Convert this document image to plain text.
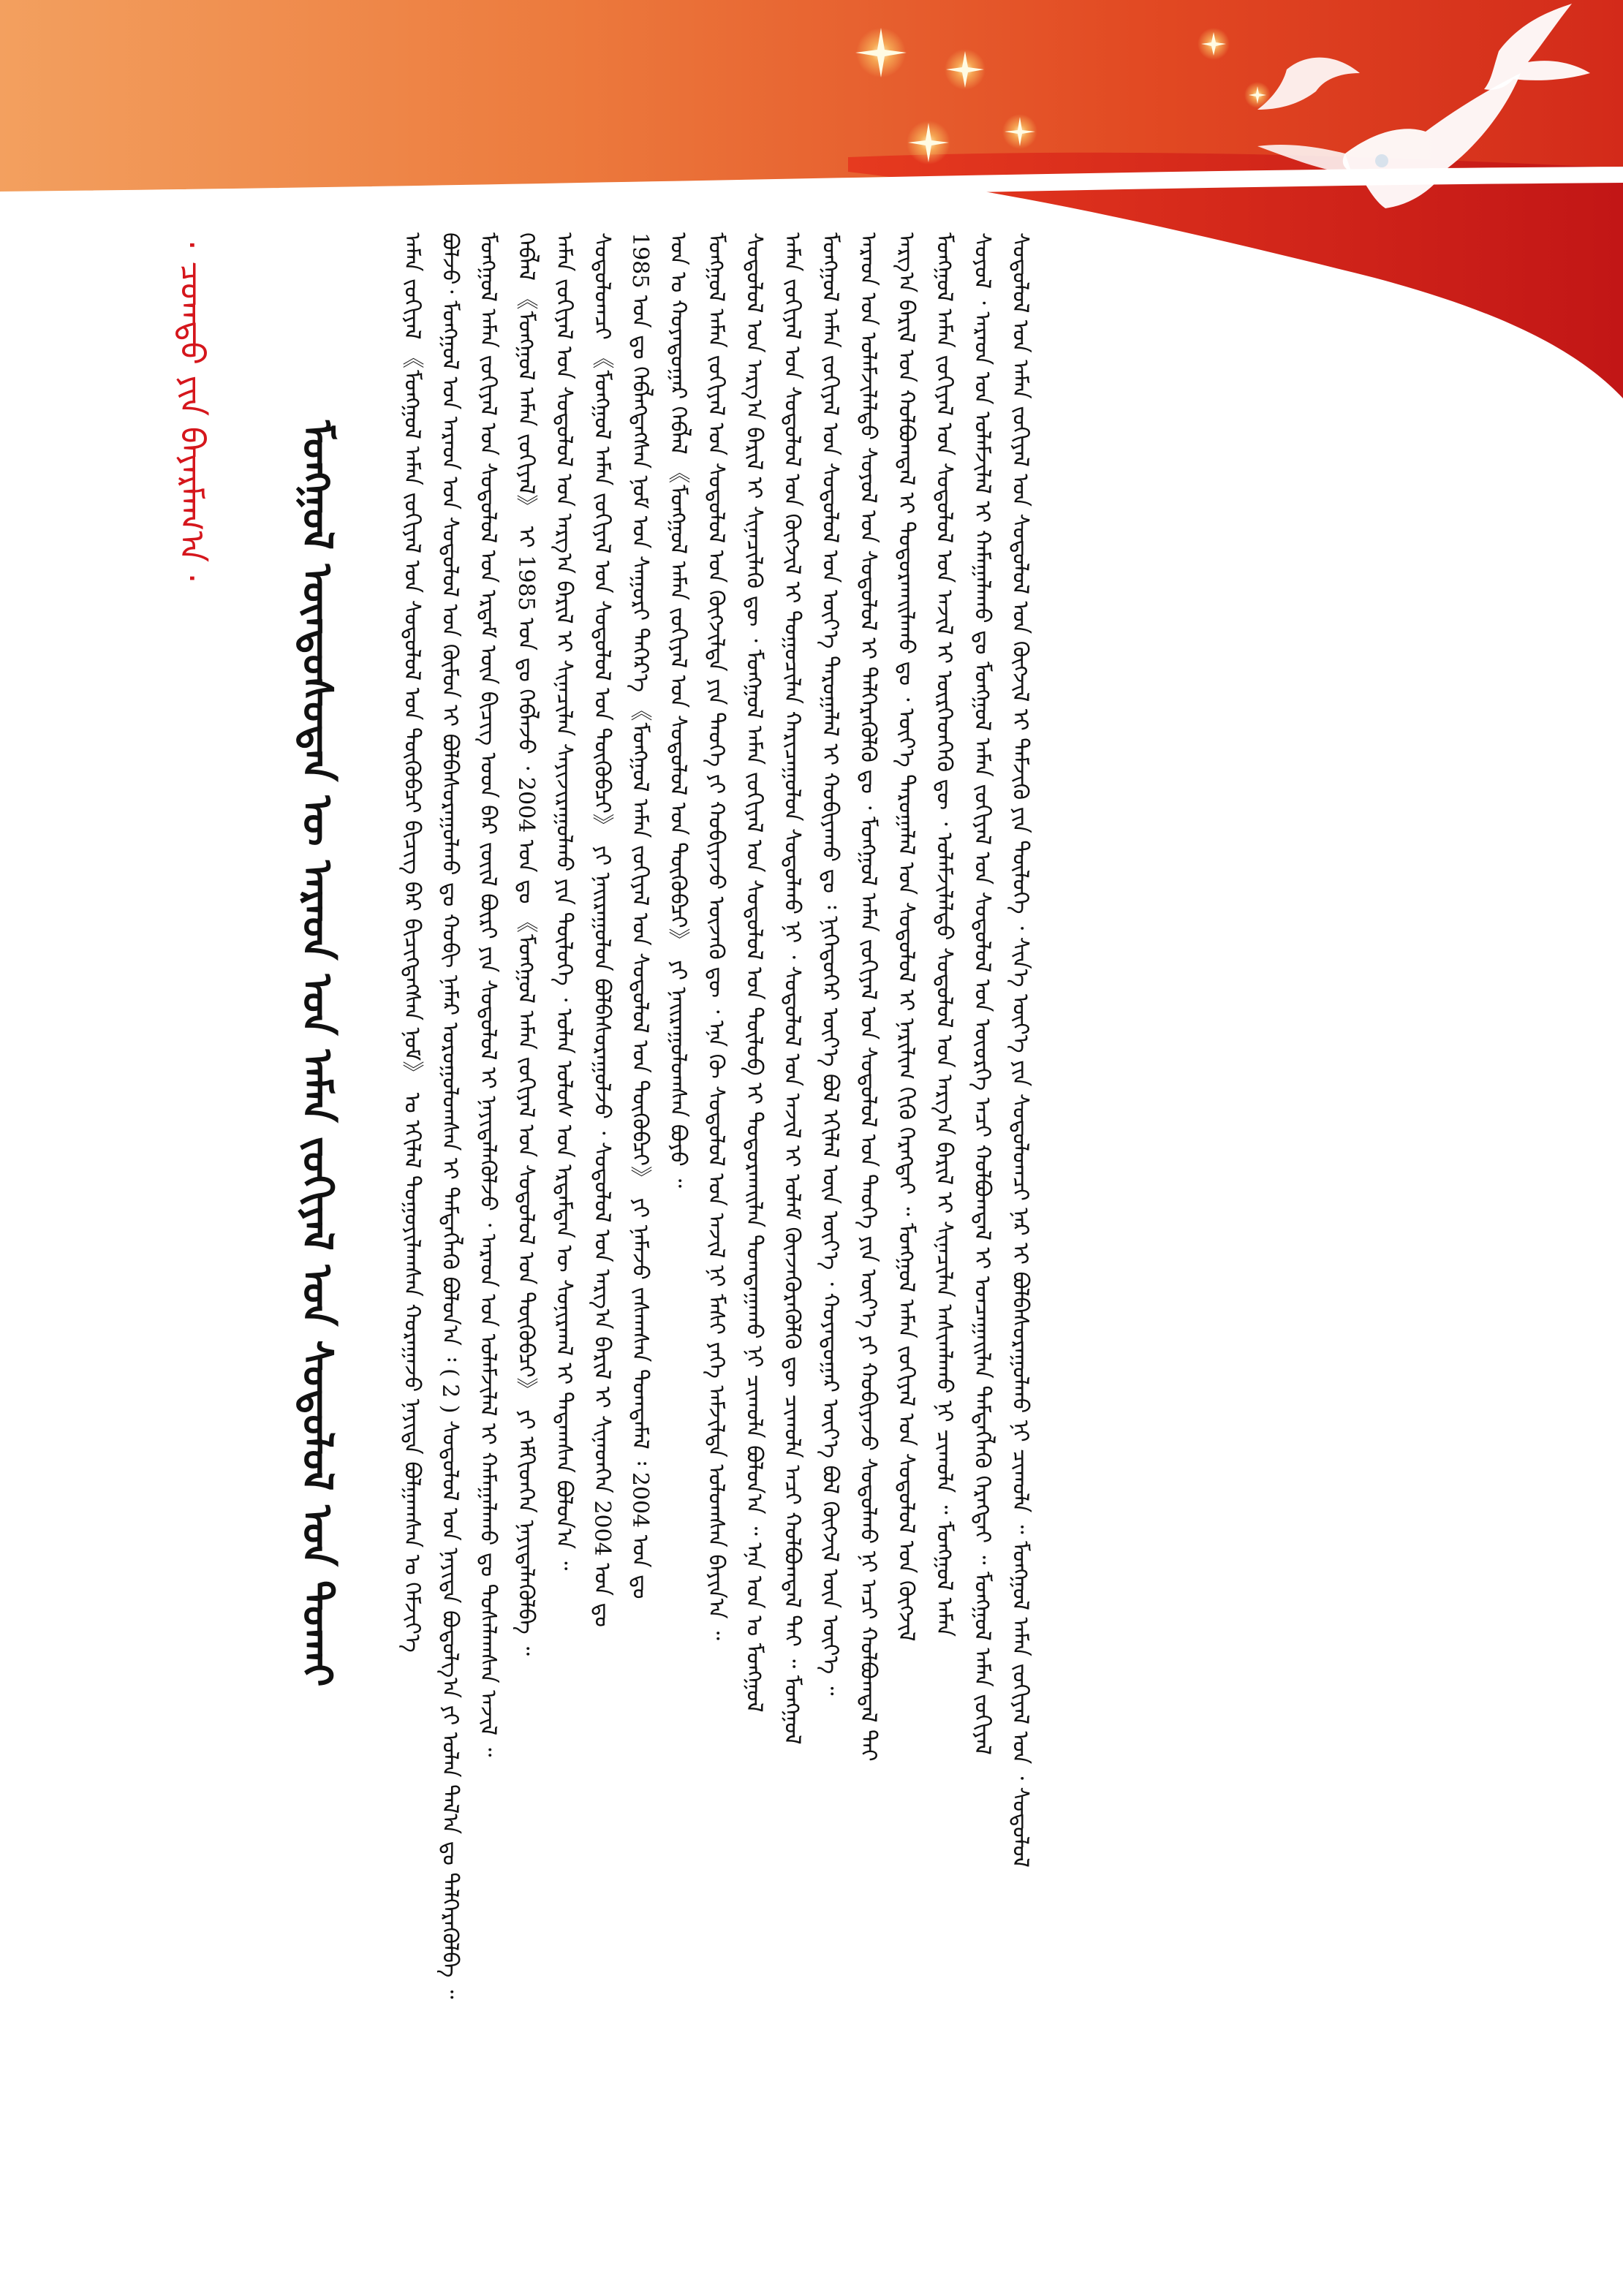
ᠠᠮᠠᠨ ᠵᠣᠬᠢᠶᠠᠯ 《ᠮᠣᠩᠭᠣᠯ ᠠᠮᠠᠨ ᠵᠣᠬᠢᠶᠠᠯ ᠤᠨ ᠰᠤᠳᠤᠯᠤᠯ ᠤᠨ ᠲᠦᠭᠦᠪᠴᠢ ᠪᠢᠴᠢᠭ ᠪᠠᠷ ᠪᠢᠴᠢᠭᠳᠡᠭᠰᠡᠨ ᠨᠣᠮ》 ᠤ ᠡᠬᠢᠯᠡᠯ ᠳᠤᠭᠤᠶᠢᠯᠠᠭᠰᠠᠨ ᠬᠤᠷᠠᠭᠠᠵᠤ ᠨᠡᠶᠢᠲᠡ ᠪᠣᠯᠭᠠᠭᠰᠠᠨ ᠤ ᠬᠡᠮᠵᠢᠶ᠎ᠡ ᠪᠣᠯᠵᠤ᠂ ᠮᠣᠩᠭᠣᠯ ᠤᠨ ᠠᠷᠠᠳ ᠤᠨ ᠰᠤᠳᠤᠯᠤᠯ ᠤᠨ ᠬᠦᠮᠦᠨ ᠢ ᠪᠣᠯᠪᠠᠰᠤᠷᠠᠭᠤᠯᠬᠤ ᠳᠤ ᠬᠤᠪᠢ ᠨᠡᠮᠡᠷ ᠣᠷᠣᠭᠤᠯᠤᠭᠰᠠᠨ ᠢ ᠲᠡᠮᠳᠡᠭᠯᠡᠬᠦ ᠪᠣᠯᠤᠨ᠎ᠠ ᠄ ( 2 ) ᠰᠤᠳᠤᠯᠤᠯ ᠤᠨ ᠨᠡᠶᠢᠲᠡ ᠪᠣᠳᠤᠯᠭ᠎ᠠ ᠶᠢ ᠣᠯᠠᠨ ᠲᠠᠯ᠎ᠠ ᠳᠤ ᠳᠡᠯᠭᠡᠷᠡᠭᠦᠯᠪᠡ ᠃ ᠮᠣᠩᠭᠣᠯ ᠠᠮᠠᠨ ᠵᠣᠬᠢᠶᠠᠯ ᠤᠨ ᠰᠤᠳᠤᠯᠤᠯ ᠤᠨ ᠡᠷᠳᠡᠮ ᠦᠨ ᠪᠢᠴᠢᠭ ᠤᠳ ᠪᠠᠷ ᠵᠦᠢᠯ ᠪᠦᠷᠢ ᠶᠢᠨ ᠰᠤᠳᠤᠯᠤᠯ ᠢ ᠨᠡᠶᠢᠲᠡᠯᠡᠭᠦᠯᠵᠦ ᠂ ᠠᠷᠠᠳ ᠤᠨ ᠤᠯᠠᠮᠵᠢᠯᠠᠯ ᠢ ᠬᠠᠮᠠᠭᠠᠯᠠᠬᠤ ᠳᠤ ᠲᠤᠰᠠᠯᠠᠭᠰᠠᠨ ᠠᠵᠢᠯ ᠃ ᠬᠡᠪᠯᠡᠯ 《ᠮᠣᠩᠭᠣᠯ ᠠᠮᠠᠨ ᠵᠣᠬᠢᠶᠠᠯ》 ᠢ 1985 ᠣᠨ ᠳᠤ ᠬᠡᠪᠯᠡᠵᠦ ᠂ 2004 ᠣᠨ ᠳᠤ 《ᠮᠣᠩᠭᠣᠯ ᠠᠮᠠᠨ ᠵᠣᠬᠢᠶᠠᠯ ᠤᠨ ᠰᠤᠳᠤᠯᠤᠯ ᠤᠨ ᠲᠦᠭᠦᠪᠴᠢ》 ᠶᠢ ᠡᠮᠬᠢᠳᠬᠡᠨ ᠨᠡᠶᠢᠲᠡᠯᠡᠭᠦᠯᠪᠡ ᠃ ᠠᠮᠠᠨ ᠵᠣᠬᠢᠶᠠᠯ ᠤᠨ ᠰᠤᠳᠤᠯᠤᠯ ᠤᠨ ᠠᠷᠭ᠎ᠠ ᠪᠠᠷᠢᠯ ᠢ ᠰᠢᠨᠡᠴᠢᠯᠡᠨ ᠰᠠᠶᠢᠵᠢᠷᠠᠭᠤᠯᠬᠤ ᠶᠢᠨ ᠲᠥᠯᠥᠭᠡ ᠂ ᠣᠯᠠᠨ ᠤᠯᠤᠰ ᠤᠨ ᠡᠷᠳᠡᠮᠲᠡᠨ ᠦ ᠰᠣᠨᠢᠷᠬᠠᠯ ᠢ ᠲᠠᠲᠠᠭᠰᠠᠨ ᠪᠣᠯᠤᠨ᠎ᠠ ᠃ ᠰᠤᠳᠤᠯᠤᠭᠴᠢ 《ᠮᠣᠩᠭᠣᠯ ᠠᠮᠠᠨ ᠵᠣᠬᠢᠶᠠᠯ ᠤᠨ ᠰᠤᠳᠤᠯᠤᠯ ᠤᠨ ᠲᠦᠭᠦᠪᠴᠢ》 ᠶᠢ ᠨᠠᠢᠷᠠᠭᠤᠯᠤᠨ ᠪᠣᠯᠪᠠᠰᠤᠷᠠᠭᠤᠯᠵᠤ ᠂ ᠰᠤᠳᠤᠯᠤᠯ ᠤᠨ ᠠᠷᠭ᠎ᠠ ᠪᠠᠷᠢᠯ ᠢ ᠰᠢᠨᠡᠳᠬᠡᠨ 2004 ᠣᠨ ᠳᠤ 1985 ᠣᠨ ᠳᠤ ᠬᠡᠪᠯᠡᠭᠳᠡᠭᠰᠡᠨ ᠨᠣᠮ ᠤᠨ ᠰᠠᠭᠤᠷᠢ ᠳᠡᠭᠡᠷ᠎ᠡ 《ᠮᠣᠩᠭᠣᠯ ᠠᠮᠠᠨ ᠵᠣᠬᠢᠶᠠᠯ ᠤᠨ ᠰᠤᠳᠤᠯᠤᠯ ᠤᠨ ᠲᠦᠭᠦᠪᠴᠢ》 ᠶᠢ ᠨᠡᠮᠡᠵᠦ ᠵᠠᠰᠠᠭᠰᠠᠨ ᠲᠣᠭᠲᠠᠮᠠᠯ ᠄ 2004 ᠣᠨ ᠳᠤ ᠣᠨ ᠤ ᠬᠣᠶᠠᠳᠤᠭᠠᠷ ᠬᠡᠪᠯᠡᠯ 《ᠮᠣᠩᠭᠣᠯ ᠠᠮᠠᠨ ᠵᠣᠬᠢᠶᠠᠯ ᠤᠨ ᠰᠤᠳᠤᠯᠤᠯ ᠤᠨ ᠲᠦᠭᠦᠪᠴᠢ》 ᠶᠢ ᠨᠠᠢᠷᠠᠭᠤᠯᠤᠭᠰᠠᠨ ᠪᠤᠶᠤ ᠃ ᠮᠣᠩᠭᠣᠯ ᠠᠮᠠᠨ ᠵᠣᠬᠢᠶᠠᠯ ᠤᠨ ᠰᠤᠳᠤᠯᠤᠯ ᠤᠨ ᠬᠥᠭᠵᠢᠯᠲᠡ ᠶᠢᠨ ᠲᠡᠦᠬᠡ ᠶᠢ ᠬᠤᠪᠢᠶᠠᠵᠤ ᠦᠵᠡᠬᠦ ᠳᠦ ᠂ ᠡᠨᠡ ᠬᠦ ᠰᠤᠳᠤᠯᠤᠯ ᠤᠨ ᠠᠵᠢᠯ ᠨᠢ ᠮᠠᠰᠢ ᠶᠡᠬᠡ ᠠᠮᠵᠢᠯᠲᠠ ᠣᠯᠤᠭᠰᠠᠨ ᠪᠠᠶᠢᠨ᠎ᠠ ᠃ ᠰᠤᠳᠤᠯᠤᠯ ᠤᠨ ᠠᠷᠭ᠎ᠠ ᠪᠠᠷᠢᠯ ᠢ ᠰᠢᠨᠡᠴᠢᠯᠡᠬᠦ ᠳᠦ ᠂ ᠮᠣᠩᠭᠣᠯ ᠠᠮᠠᠨ ᠵᠣᠬᠢᠶᠠᠯ ᠤᠨ ᠰᠤᠳᠤᠯᠤᠯ ᠤᠨ ᠲᠥᠯᠦᠪ ᠢ ᠲᠣᠳᠤᠷᠬᠠᠢᠯᠠᠨ ᠲᠣᠭᠲᠠᠭᠠᠬᠤ ᠨᠢ ᠴᠢᠬᠤᠯᠠ ᠪᠣᠯᠤᠨ᠎ᠠ ᠃ ᠡᠨᠡ ᠣᠨ ᠤ ᠮᠣᠩᠭᠣᠯ ᠠᠮᠠᠨ ᠵᠣᠬᠢᠶᠠᠯ ᠤᠨ ᠰᠤᠳᠤᠯᠤᠯ ᠤᠨ ᠬᠥᠭᠵᠢᠯ ᠢ ᠲᠣᠭᠤᠴᠢᠯᠠᠨ ᠬᠠᠷᠢᠴᠠᠭᠤᠯᠤᠨ ᠰᠤᠳᠤᠯᠬᠤ ᠨᠢ ᠂ ᠰᠤᠳᠤᠯᠤᠯ ᠤᠨ ᠠᠵᠢᠯ ᠢ ᠤᠯᠠᠮ ᠭᠦᠨᠵᠡᠭᠦᠷᠡᠭᠦᠯᠬᠦ ᠳᠦ ᠴᠢᠬᠤᠯᠠ ᠠᠴᠢ ᠬᠣᠯᠪᠣᠭᠳᠠᠯ ᠲᠠᠢ ᠃ ᠮᠣᠩᠭᠣᠯ ᠮᠣᠩᠭᠣᠯ ᠠᠮᠠᠨ ᠵᠣᠬᠢᠶᠠᠯ ᠤᠨ ᠰᠤᠳᠤᠯᠤᠯ ᠤᠨ ᠦᠶ᠎ᠡ ᠳᠠᠷᠤᠭᠠᠯᠠᠯ ᠢ ᠬᠤᠪᠢᠶᠠᠬᠤ ᠳᠤ ᠄ ᠨᠢᠭᠡᠳᠦᠭᠡᠷ ᠦᠶ᠎ᠡ ᠪᠣᠯ ᠡᠬᠢᠯᠡᠯ ᠦᠨ ᠦᠶ᠎ᠡ ᠂ ᠬᠣᠶᠠᠳᠤᠭᠠᠷ ᠦᠶ᠎ᠡ ᠪᠣᠯ ᠬᠥᠭᠵᠢᠯ ᠦᠨ ᠦᠶ᠎ᠡ ᠃ ᠠᠷᠠᠳ ᠤᠨ ᠤᠯᠠᠮᠵᠢᠯᠠᠯᠲᠤ ᠰᠣᠶᠣᠯ ᠤᠨ ᠰᠤᠳᠤᠯᠤᠯ ᠢ ᠳᠡᠯᠭᠡᠷᠡᠭᠦᠯᠬᠦ ᠳᠤ ᠂ ᠮᠣᠩᠭᠣᠯ ᠠᠮᠠᠨ ᠵᠣᠬᠢᠶᠠᠯ ᠤᠨ ᠰᠤᠳᠤᠯᠤᠯ ᠤᠨ ᠲᠡᠦᠬᠡ ᠶᠢᠨ ᠦᠶ᠎ᠡ ᠶᠢ ᠬᠤᠪᠢᠶᠠᠵᠤ ᠰᠤᠳᠤᠯᠬᠤ ᠨᠢ ᠠᠴᠢ ᠬᠣᠯᠪᠣᠭᠳᠠᠯ ᠲᠠᠢ ᠠᠷᠭ᠎ᠠ ᠪᠠᠷᠢᠯ ᠤᠨ ᠬᠣᠯᠪᠣᠭᠳᠠᠯ ᠢ ᠲᠣᠳᠤᠷᠬᠠᠢᠯᠠᠬᠤ ᠳᠤ ᠂ ᠦᠶ᠎ᠡ ᠳᠠᠷᠤᠭᠠᠯᠠᠯ ᠤᠨ ᠰᠤᠳᠤᠯᠤᠯ ᠢ ᠨᠠᠷᠢᠯᠢᠭ ᠬᠢᠬᠦ ᠬᠡᠷᠡᠭᠲᠡᠶ ᠃ ᠮᠣᠩᠭᠣᠯ ᠠᠮᠠᠨ ᠵᠣᠬᠢᠶᠠᠯ ᠤᠨ ᠰᠤᠳᠤᠯᠤᠯ ᠤᠨ ᠬᠥᠭᠵᠢᠯ ᠮᠣᠩᠭᠣᠯ ᠠᠮᠠᠨ ᠵᠣᠬᠢᠶᠠᠯ ᠤᠨ ᠰᠤᠳᠤᠯᠤᠯ ᠤᠨ ᠠᠵᠢᠯ ᠢ ᠥᠷᠭᠡᠳᠬᠡᠬᠦ ᠳᠦ ᠂ ᠤᠯᠠᠮᠵᠢᠯᠠᠯᠲᠤ ᠰᠤᠳᠤᠯᠤᠯ ᠤᠨ ᠠᠷᠭ᠎ᠠ ᠪᠠᠷᠢᠯ ᠢ ᠰᠢᠨᠡᠴᠢᠯᠡᠨ ᠠᠰᠢᠭᠯᠠᠬᠤ ᠨᠢ ᠴᠢᠬᠤᠯᠠ ᠃ ᠮᠣᠩᠭᠣᠯ ᠠᠮᠠᠨ ᠰᠣᠶᠣᠯ ᠂ ᠠᠷᠠᠳ ᠤᠨ ᠤᠯᠠᠮᠵᠢᠯᠠᠯ ᠢ ᠬᠠᠮᠠᠭᠠᠯᠠᠬᠤ ᠳᠤ ᠮᠣᠩᠭᠣᠯ ᠠᠮᠠᠨ ᠵᠣᠬᠢᠶᠠᠯ ᠤᠨ ᠰᠤᠳᠤᠯᠤᠯ ᠤᠨ ᠦᠦᠷᠭᠡ ᠠᠴᠢ ᠬᠣᠯᠪᠣᠭᠳᠠᠯ ᠢ ᠣᠨᠴᠠᠭᠠᠢᠯᠠᠨ ᠲᠡᠮᠳᠡᠭᠯᠡᠬᠦ ᠬᠡᠷᠡᠭᠲᠡᠶ ᠃ ᠮᠣᠩᠭᠣᠯ ᠠᠮᠠᠨ ᠵᠣᠬᠢᠶᠠᠯ ᠰᠤᠳᠤᠯᠤᠯ ᠤᠨ ᠠᠮᠠᠨ ᠵᠣᠬᠢᠶᠠᠯ ᠤᠨ ᠰᠤᠳᠤᠯᠤᠯ ᠤᠨ ᠬᠥᠭᠵᠢᠯ ᠢ ᠳᠡᠮᠵᠢᠬᠦ ᠶᠢᠨ ᠲᠥᠯᠥᠭᠡ ᠂ ᠰᠢᠨ᠎ᠡ ᠦᠶ᠎ᠡ ᠶᠢᠨ ᠰᠤᠳᠤᠯᠤᠭᠴᠢ ᠨᠠᠷ ᠢ ᠪᠣᠯᠪᠠᠰᠤᠷᠠᠭᠤᠯᠬᠤ ᠨᠢ ᠴᠢᠬᠤᠯᠠ ᠃ ᠮᠣᠩᠭᠣᠯ ᠠᠮᠠᠨ ᠵᠣᠬᠢᠶᠠᠯ ᠤᠨ ᠂ ᠰᠤᠳᠤᠯᠤᠯ
ᠮᠣᠩᠭᠣᠯ ᠦᠨᠳᠦᠰᠦᠲᠡᠨ ᠦ ᠠᠷᠠᠳ ᠤᠨ ᠠᠮᠠᠨ ᠵᠣᠬᠢᠶᠠᠯ ᠤᠨ ᠰᠤᠳᠤᠯᠤᠯ ᠤᠨ ᠲᠤᠬᠠᠢ
· ᠴᠣᠭᠲᠦ ᠶᠢᠨ ᠪᠠᠶᠠᠷᠮᠠᠭ᠎ᠠ ·
